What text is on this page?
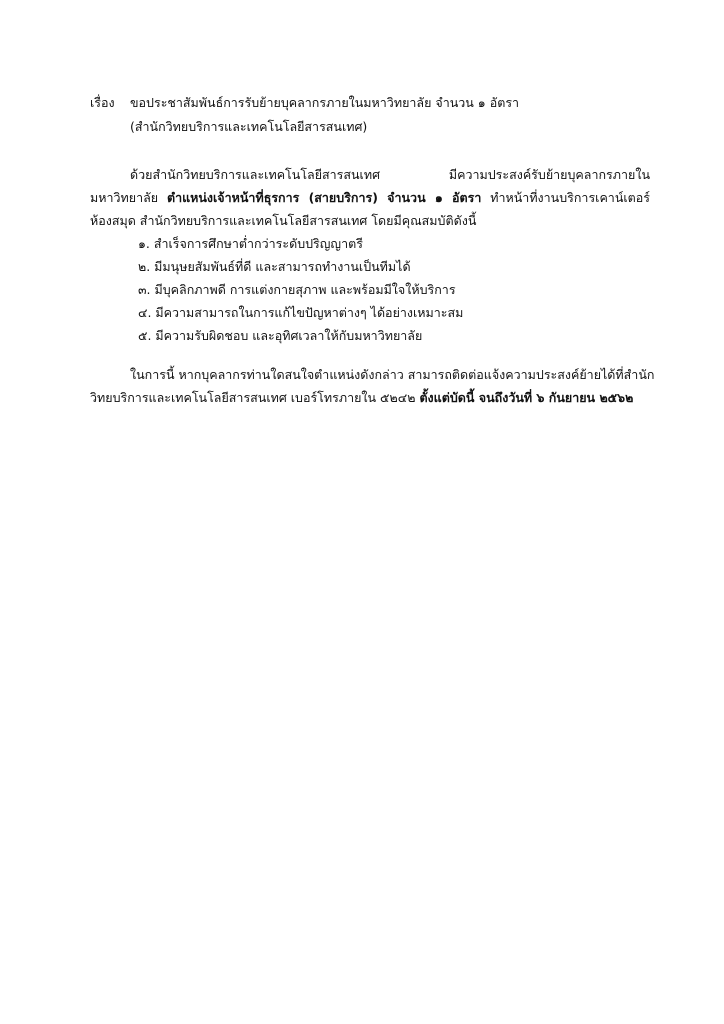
เรื่อง ขอประชาสัมพันธ์การรับย้ายบุคลากรภายในมหาวิทยาลัย จำนวน ๑ อัตรา
(สำนักวิทยบริการและเทคโนโลยีสารสนเทศ)
ด้วยสำนักวิทยบริการและเทคโนโลยีสารสนเทศ มีความประสงค์รับย้ายบุคลากรภายใน
มหาวิทยาลัย ตำแหน่งเจ้าหน้าที่ธุรการ (สายบริการ) จำนวน ๑ อัตรา ทำหน้าที่งานบริการเคาน์เตอร์
ห้องสมุด สำนักวิทยบริการและเทคโนโลยีสารสนเทศ โดยมีคุณสมบัติดังนี้
๑. สำเร็จการศึกษาต่ำกว่าระดับปริญญาตรี
๒. มีมนุษยสัมพันธ์ที่ดี และสามารถทำงานเป็นทีมได้
๓. มีบุคลิกภาพดี การแต่งกายสุภาพ และพร้อมมีใจให้บริการ
๔. มีความสามารถในการแก้ไขปัญหาต่างๆ ได้อย่างเหมาะสม
๕. มีความรับผิดชอบ และอุทิศเวลาให้กับมหาวิทยาลัย
ในการนี้ หากบุคลากรท่านใดสนใจตำแหน่งดังกล่าว สามารถติดต่อแจ้งความประสงค์ย้ายได้ที่สำนัก
วิทยบริการและเทคโนโลยีสารสนเทศ เบอร์โทรภายใน ๕๒๔๒ ตั้งแต่บัดนี้ จนถึงวันที่ ๖ กันยายน ๒๕๖๒
